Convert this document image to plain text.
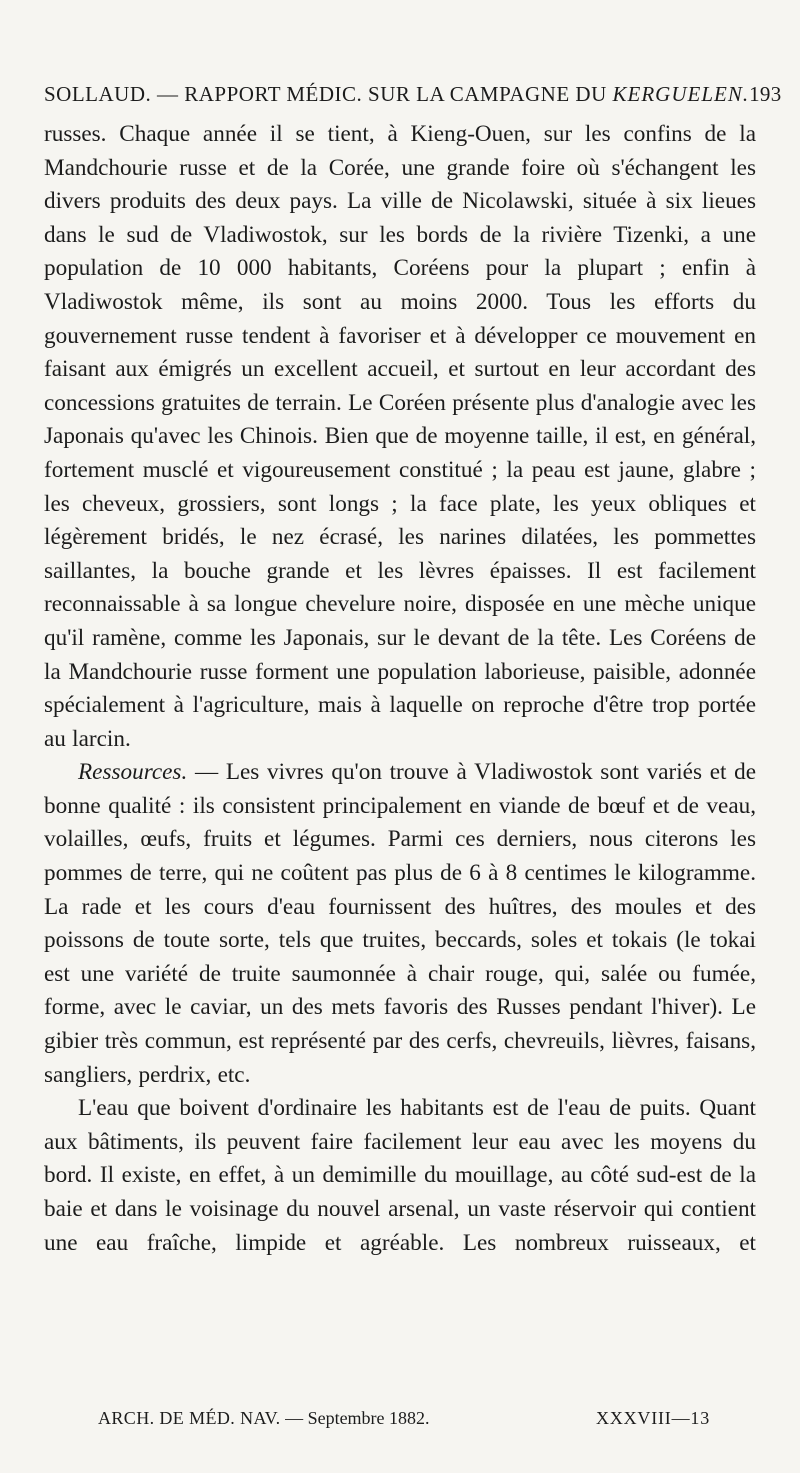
SOLLAUD. — RAPPORT MÉDIC. SUR LA CAMPAGNE DU KERGUELEN. 193

russes. Chaque année il se tient, à Kieng-Ouen, sur les confins de la Mandchourie russe et de la Corée, une grande foire où s'échangent les divers produits des deux pays. La ville de Nicolawski, située à six lieues dans le sud de Vladiwostok, sur les bords de la rivière Tizenki, a une population de 10 000 habitants, Coréens pour la plupart ; enfin à Vladiwostok même, ils sont au moins 2000. Tous les efforts du gouvernement russe tendent à favoriser et à développer ce mouvement en faisant aux émigrés un excellent accueil, et surtout en leur accordant des concessions gratuites de terrain. Le Coréen présente plus d'analogie avec les Japonais qu'avec les Chinois. Bien que de moyenne taille, il est, en général, fortement musclé et vigoureusement constitué ; la peau est jaune, glabre ; les cheveux, grossiers, sont longs ; la face plate, les yeux obliques et légèrement bridés, le nez écrasé, les narines dilatées, les pommettes saillantes, la bouche grande et les lèvres épaisses. Il est facilement reconnaissable à sa longue chevelure noire, disposée en une mèche unique qu'il ramène, comme les Japonais, sur le devant de la tête. Les Coréens de la Mandchourie russe forment une population laborieuse, paisible, adonnée spécialement à l'agriculture, mais à laquelle on reproche d'être trop portée au larcin.

Ressources. — Les vivres qu'on trouve à Vladiwostok sont variés et de bonne qualité : ils consistent principalement en viande de bœuf et de veau, volailles, œufs, fruits et légumes. Parmi ces derniers, nous citerons les pommes de terre, qui ne coûtent pas plus de 6 à 8 centimes le kilogramme. La rade et les cours d'eau fournissent des huîtres, des moules et des poissons de toute sorte, tels que truites, beccards, soles et tokais (le tokai est une variété de truite saumonnée à chair rouge, qui, salée ou fumée, forme, avec le caviar, un des mets favoris des Russes pendant l'hiver). Le gibier très commun, est représenté par des cerfs, chevreuils, lièvres, faisans, sangliers, perdrix, etc.

L'eau que boivent d'ordinaire les habitants est de l'eau de puits. Quant aux bâtiments, ils peuvent faire facilement leur eau avec les moyens du bord. Il existe, en effet, à un demimille du mouillage, au côté sud-est de la baie et dans le voisinage du nouvel arsenal, un vaste réservoir qui contient une eau fraîche, limpide et agréable. Les nombreux ruisseaux, et

ARCH. DE MÉD. NAV. — Septembre 1882.	XXXVIII—13
